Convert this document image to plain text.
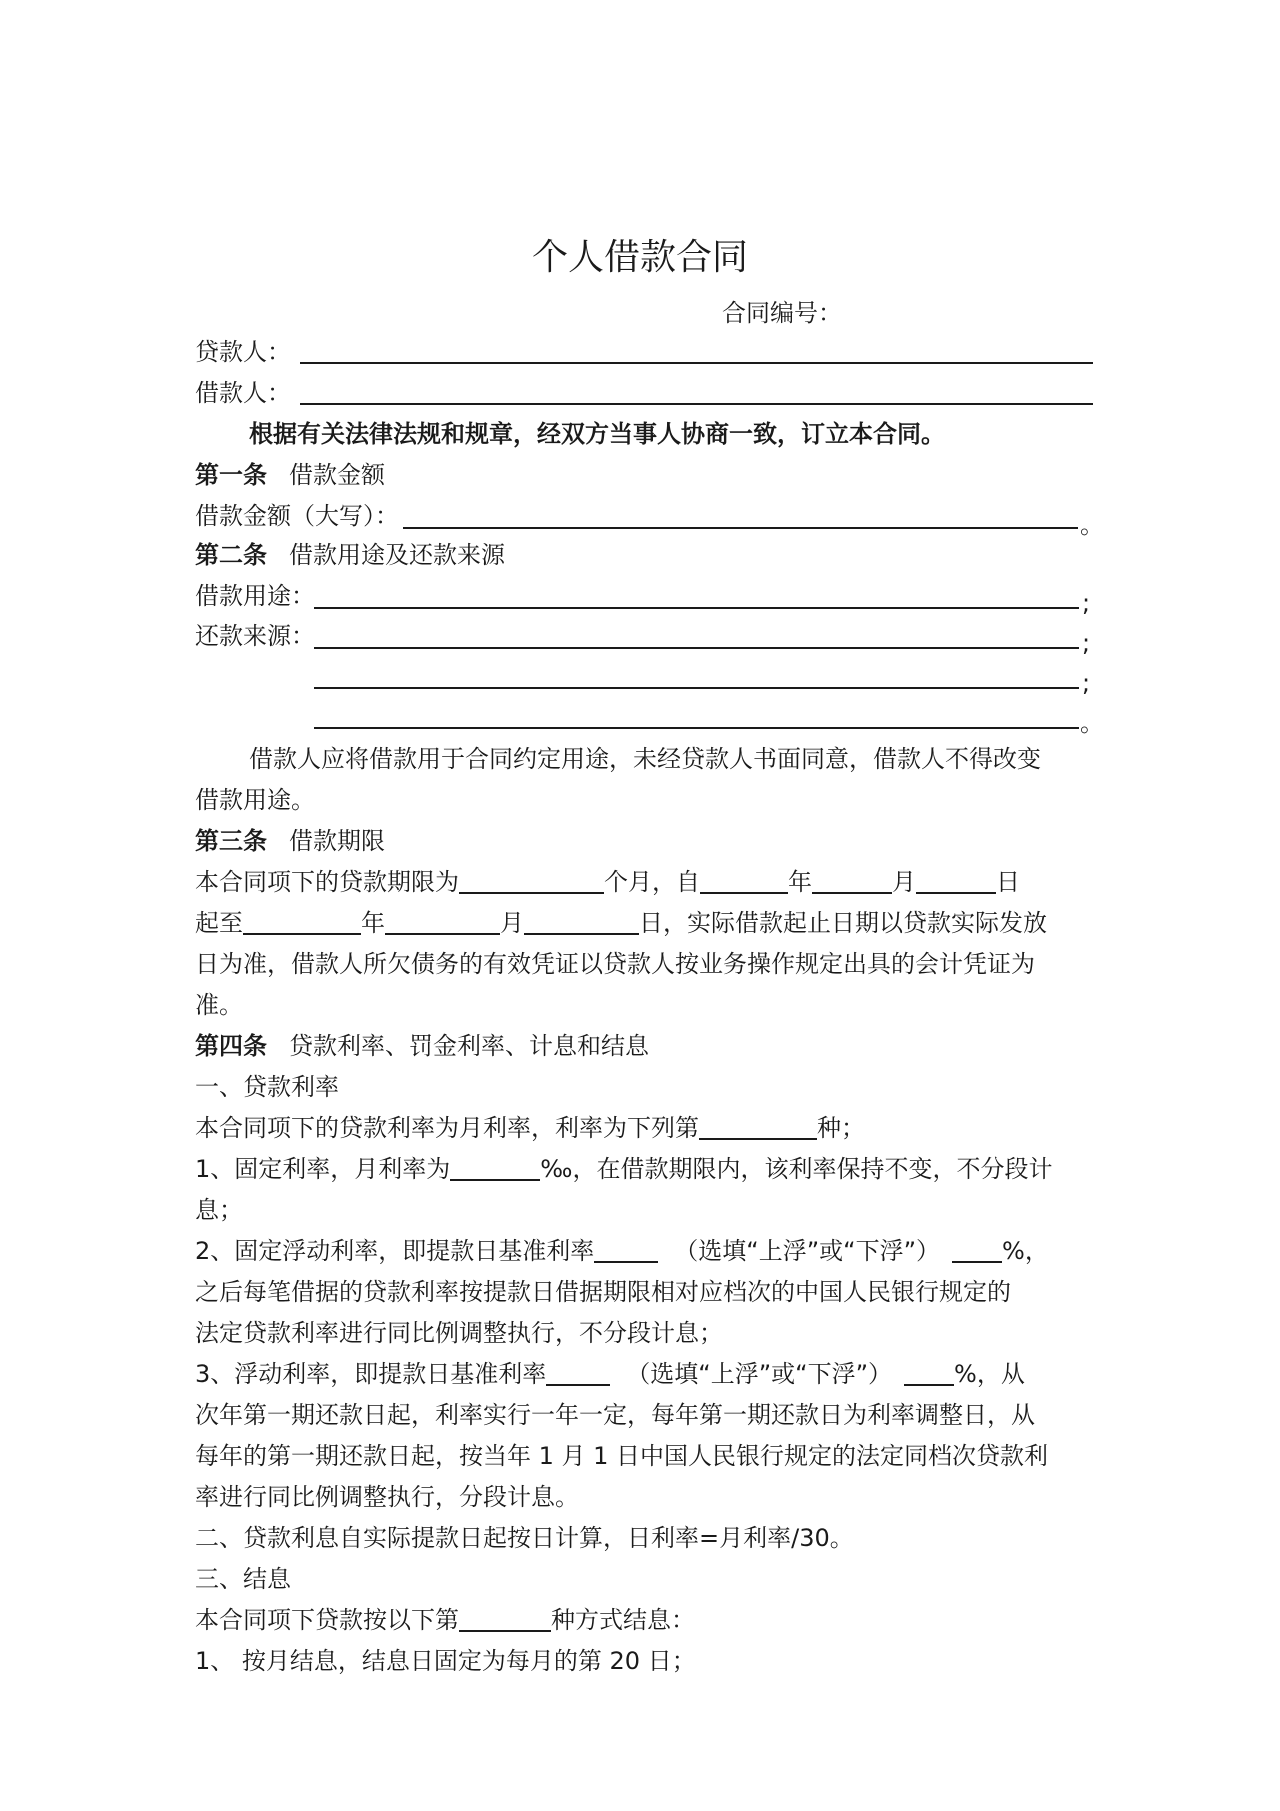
个人借款合同
合同编号：
贷款人：
借款人：
根据有关法律法规和规章，经双方当事人协商一致，订立本合同。
第一条 借款金额
借款金额（大写）：	。
第二条 借款用途及还款来源
借款用途：	;
还款来源：	;
;
。
借款人应将借款用于合同约定用途，未经贷款人书面同意，借款人不得改变
借款用途。
第三条 借款期限
本合同项下的贷款期限为	个月，自	年	月	日
起至	年	月	日，实际借款起止日期以贷款实际发放
日为准，借款人所欠债务的有效凭证以贷款人按业务操作规定出具的会计凭证为
准。
第四条 贷款利率、罚金利率、计息和结息
一、贷款利率
本合同项下的贷款利率为月利率，利率为下列第	种；
1、固定利率，月利率为	‰，在借款期限内，该利率保持不变，不分段计
息；
2、固定浮动利率，即提款日基准利率	（选填“上浮”或“下浮”）	%，
之后每笔借据的贷款利率按提款日借据期限相对应档次的中国人民银行规定的
法定贷款利率进行同比例调整执行，不分段计息；
3、浮动利率，即提款日基准利率	（选填“上浮”或“下浮”）	%，从
次年第一期还款日起，利率实行一年一定，每年第一期还款日为利率调整日，从
每年的第一期还款日起，按当年 1 月 1 日中国人民银行规定的法定同档次贷款利
率进行同比例调整执行，分段计息。
二、贷款利息自实际提款日起按日计算，日利率=月利率/30。
三、结息
本合同项下贷款按以下第	种方式结息：
1、 按月结息，结息日固定为每月的第 20 日；
